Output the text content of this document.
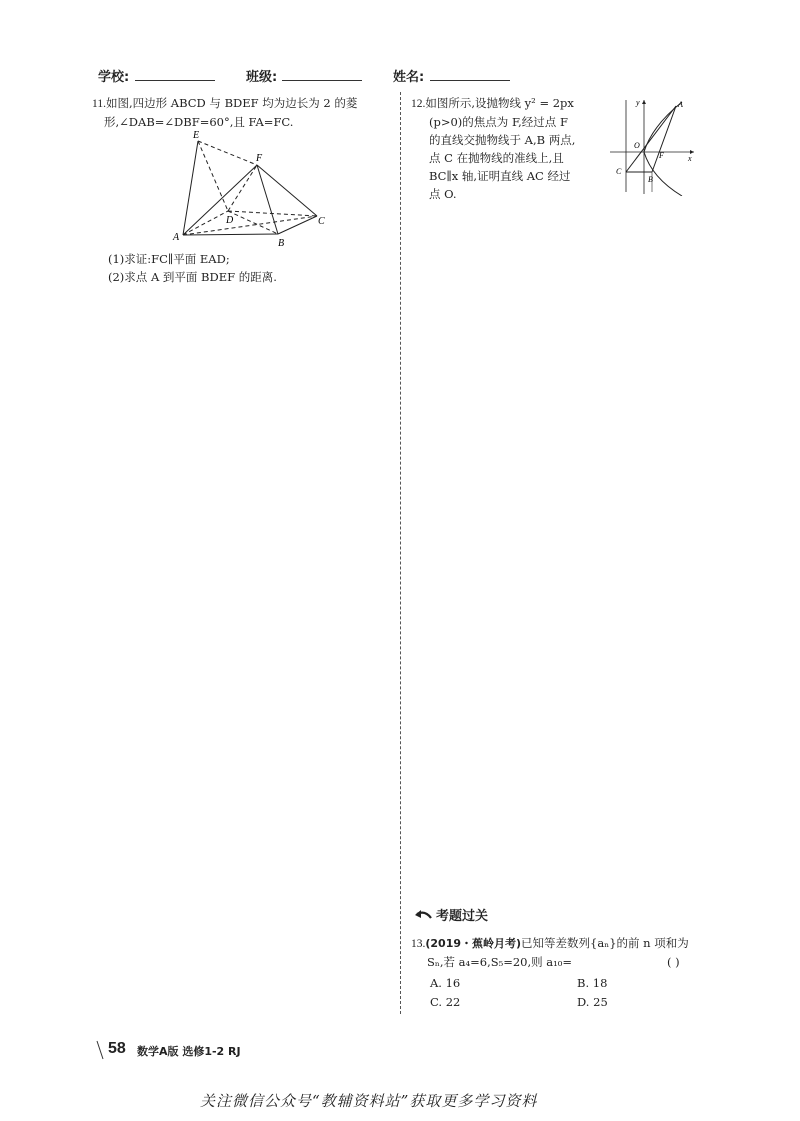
学校:	班级:	姓名:

11.如图,四边形 ABCD 与 BDEF 均为边长为 2 的菱

形,∠DAB=∠DBF=60°,且 FA=FC.

E
F
D	C
A
B

(1)求证:FC∥平面 EAD;

(2)求点 A 到平面 BDEF 的距离.

12.如图所示,设抛物线 y² = 2px

(p>0)的焦点为 F,经过点 F

的直线交抛物线于 A,B 两点,

点 C 在抛物线的准线上,且

BC∥x 轴,证明直线 AC 经过

点 O.

y
x
A
O
F
C
B
考题过关

13.(2019・蕉岭月考)已知等差数列{aₙ}的前 n 项和为

Sₙ,若 a₄=6,S₅=20,则 a₁₀=	( )

A. 16	B. 18
C. 22	D. 25
58 数学A版 选修1-2 RJ
关注微信公众号“教辅资料站”获取更多学习资料
